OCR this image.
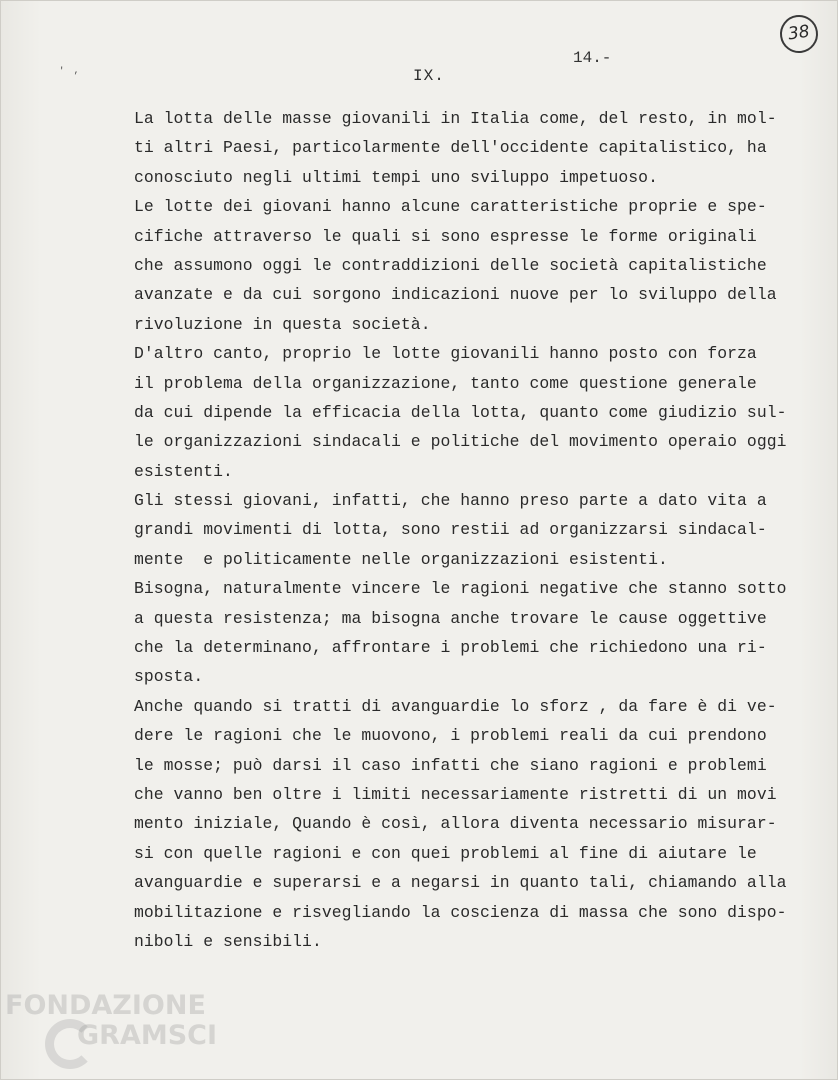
38
' ,
14.-
IX.
La lotta delle masse giovanili in Italia come, del resto, in mol-
ti altri Paesi, particolarmente dell'occidente capitalistico, ha
conosciuto negli ultimi tempi uno sviluppo impetuoso.
Le lotte dei giovani hanno alcune caratteristiche proprie e spe-
cifiche attraverso le quali si sono espresse le forme originali
che assumono oggi le contraddizioni delle società capitalistiche
avanzate e da cui sorgono indicazioni nuove per lo sviluppo della
rivoluzione in questa società.
D'altro canto, proprio le lotte giovanili hanno posto con forza
il problema della organizzazione, tanto come questione generale
da cui dipende la efficacia della lotta, quanto come giudizio sul-
le organizzazioni sindacali e politiche del movimento operaio oggi
esistenti.
Gli stessi giovani, infatti, che hanno preso parte a dato vita a
grandi movimenti di lotta, sono restii ad organizzarsi sindacal-
mente  e politicamente nelle organizzazioni esistenti.
Bisogna, naturalmente vincere le ragioni negative che stanno sotto
a questa resistenza; ma bisogna anche trovare le cause oggettive
che la determinano, affrontare i problemi che richiedono una ri-
sposta.
Anche quando si tratti di avanguardie lo sforz , da fare è di ve-
dere le ragioni che le muovono, i problemi reali da cui prendono
le mosse; può darsi il caso infatti che siano ragioni e problemi
che vanno ben oltre i limiti necessariamente ristretti di un movi
mento iniziale, Quando è così, allora diventa necessario misurar-
si con quelle ragioni e con quei problemi al fine di aiutare le
avanguardie e superarsi e a negarsi in quanto tali, chiamando alla
mobilitazione e risvegliando la coscienza di massa che sono dispo-
niboli e sensibili.
FONDAZIONE
GRAMSCI
